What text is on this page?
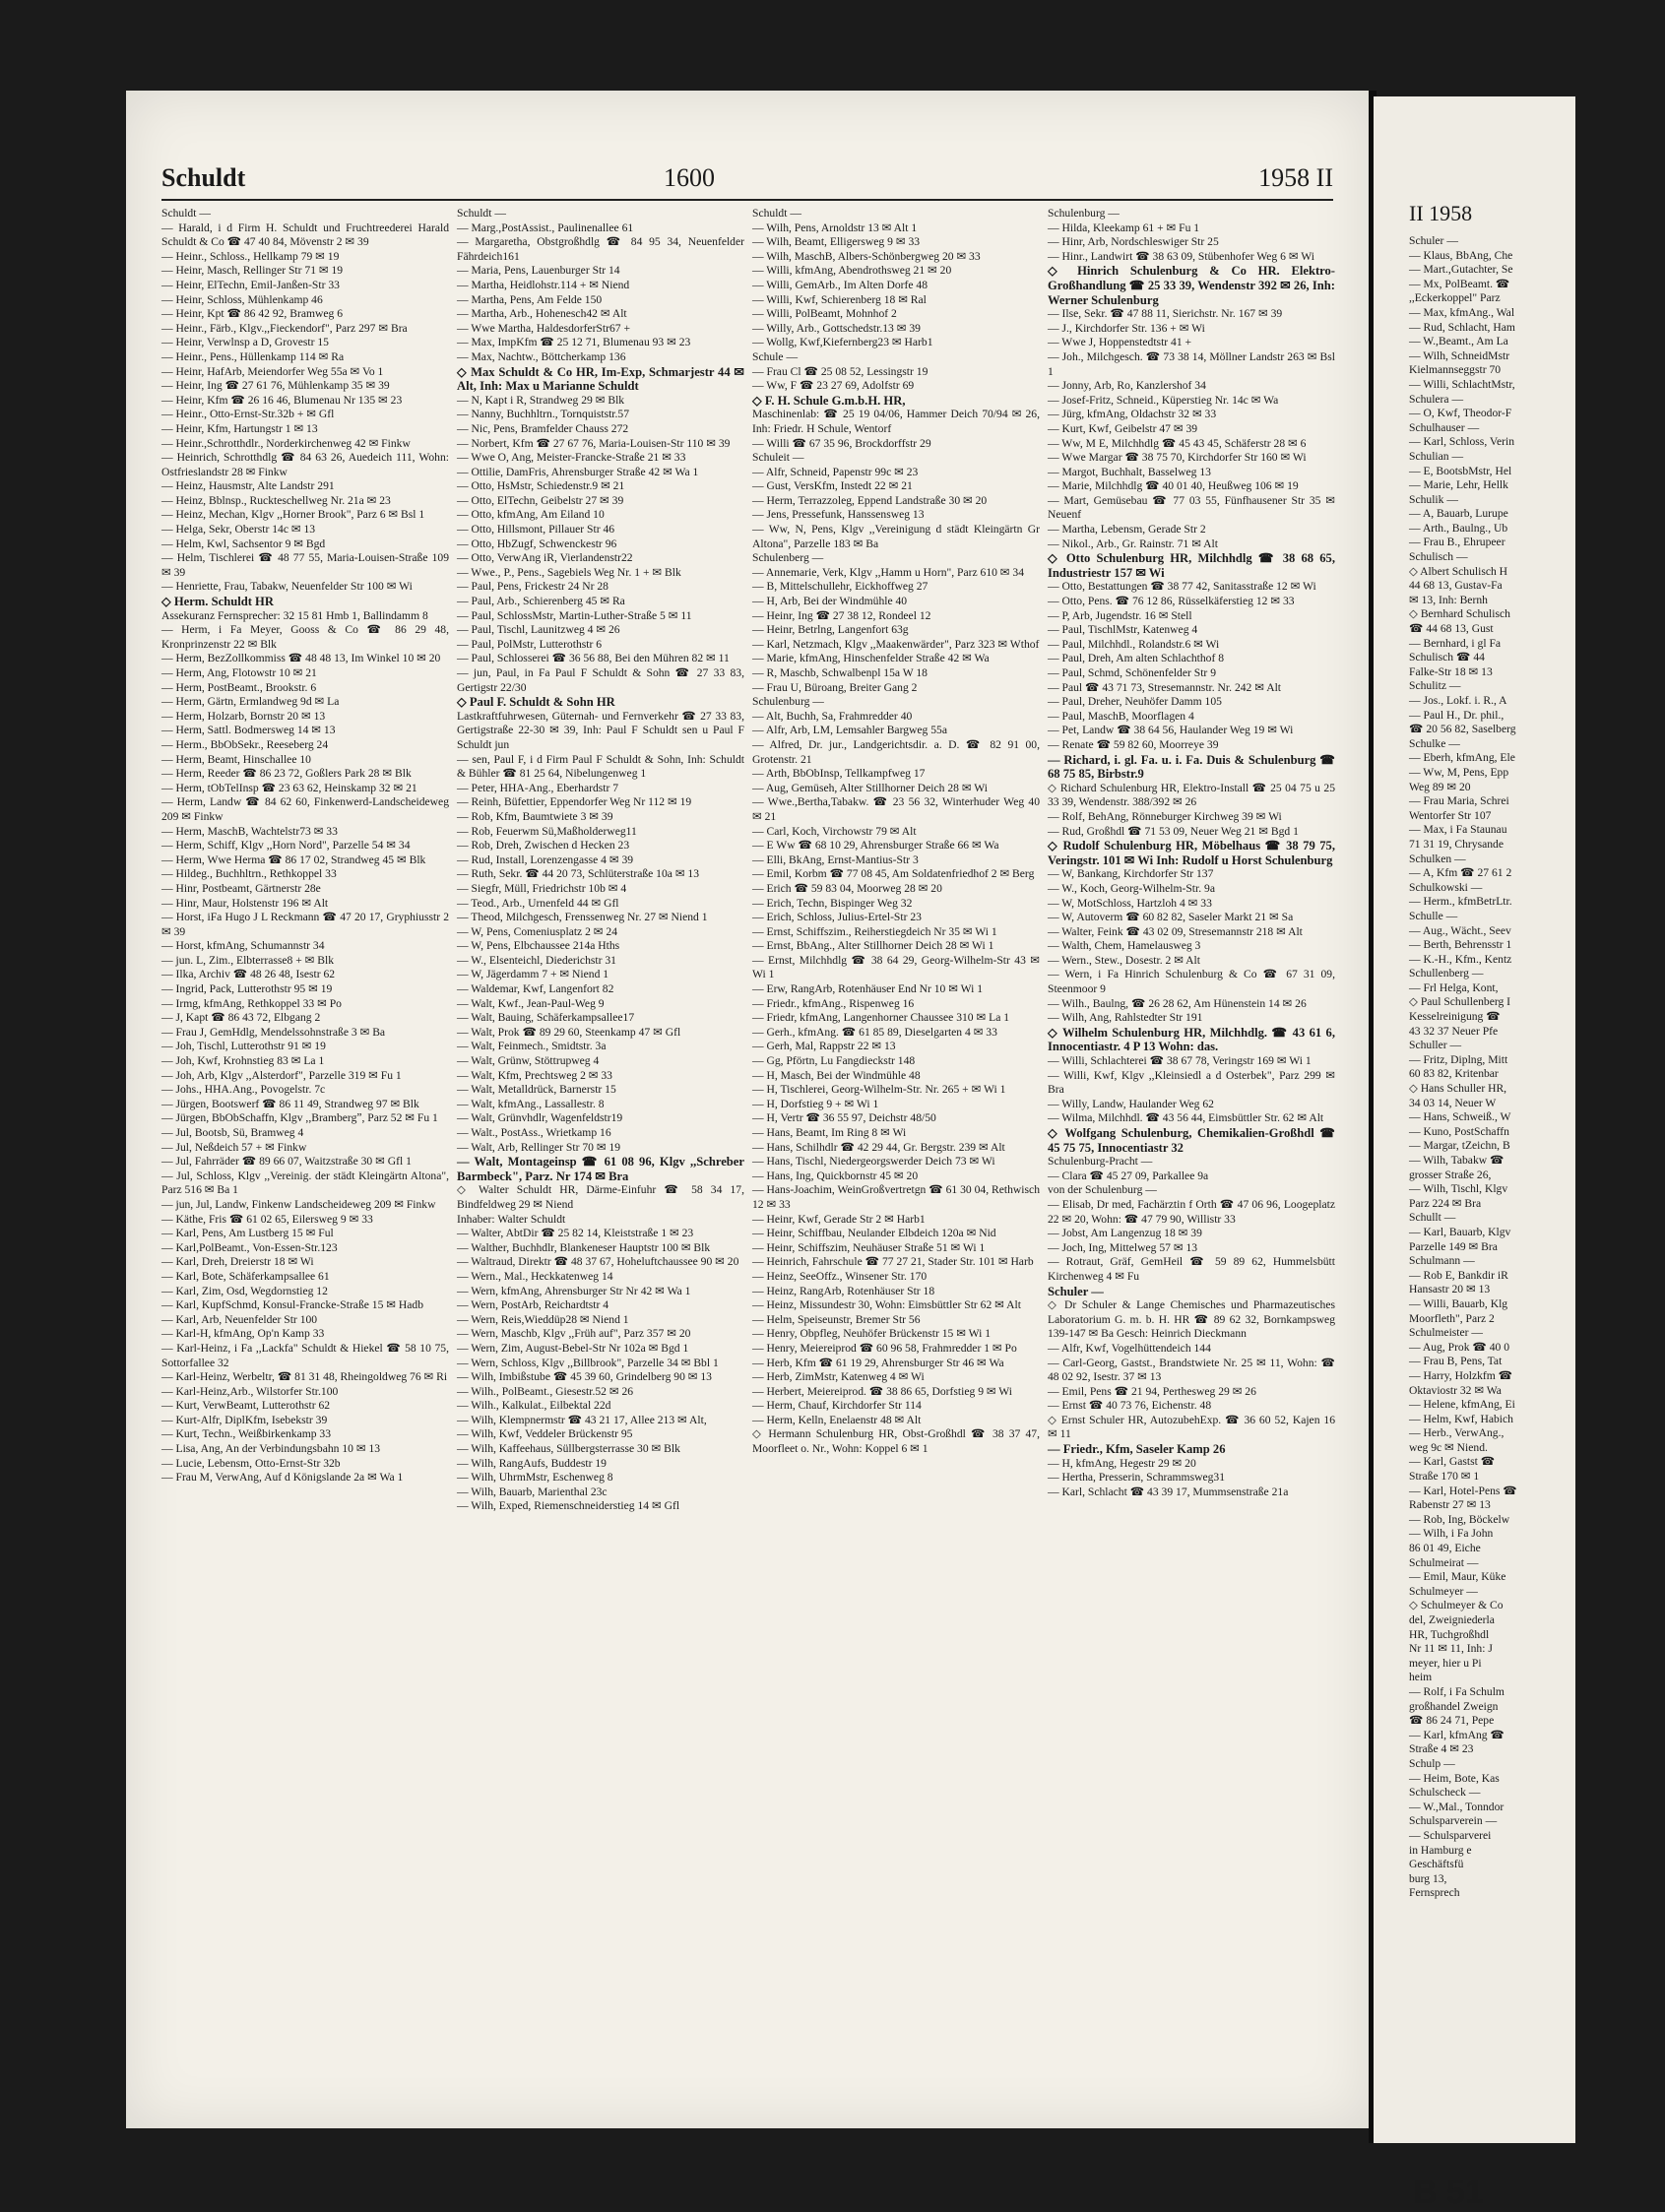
Schuldt	1600	1958 II
Schuldt —
— Harald, i d Firm H. Schuldt und Fruchtreederei Harald Schuldt & Co ☎ 47 40 84, Mövenstr 2 ✉ 39
— Heinr., Schloss., Hellkamp 79 ✉ 19
— Heinr, Masch, Rellinger Str 71 ✉ 19
— Heinr, ElTechn, Emil-Janßen-Str 33
— Heinr, Schloss, Mühlenkamp 46
— Heinr, Kpt ☎ 86 42 92, Bramweg 6
— Heinr., Färb., Klgv.,,Fieckendorf", Parz 297 ✉ Bra
— Heinr, Verwlnsp a D, Grovestr 15
— Heinr., Pens., Hüllenkamp 114 ✉ Ra
— Heinr, HafArb, Meiendorfer Weg 55a ✉ Vo 1
— Heinr, Ing ☎ 27 61 76, Mühlenkamp 35 ✉ 39
— Heinr, Kfm ☎ 26 16 46, Blumenau Nr 135 ✉ 23
— Heinr., Otto-Ernst-Str.32b + ✉ Gfl
— Heinr, Kfm, Hartungstr 1 ✉ 13
— Heinr.,Schrotthdlr., Norderkirchenweg 42 ✉ Finkw
— Heinrich, Schrotthdlg ☎ 84 63 26, Auedeich 111, Wohn: Ostfrieslandstr 28 ✉ Finkw
— Heinz, Hausmstr, Alte Landstr 291
— Heinz, Bblnsp., Ruckteschellweg Nr. 21a ✉ 23
— Heinz, Mechan, Klgv ,,Horner Brook", Parz 6 ✉ Bsl 1
— Helga, Sekr, Oberstr 14c ✉ 13
— Helm, Kwl, Sachsentor 9 ✉ Bgd
— Helm, Tischlerei ☎ 48 77 55, Maria-Louisen-Straße 109 ✉ 39
— Henriette, Frau, Tabakw, Neuenfelder Str 100 ✉ Wi
◇ Herm. Schuldt HR
Assekuranz Fernsprecher: 32 15 81 Hmb 1, Ballindamm 8
— Herm, i Fa Meyer, Gooss & Co ☎ 86 29 48, Kronprinzenstr 22 ✉ Blk
— Herm, BezZollkommiss ☎ 48 48 13, Im Winkel 10 ✉ 20
— Herm, Ang, Flotowstr 10 ✉ 21
— Herm, PostBeamt., Brookstr. 6
— Herm, Gärtn, Ermlandweg 9d ✉ La
— Herm, Holzarb, Bornstr 20 ✉ 13
— Herm, Sattl. Bodmersweg 14 ✉ 13
— Herm., BbObSekr., Reeseberg 24
— Herm, Beamt, Hinschallee 10
— Herm, Reeder ☎ 86 23 72, Goßlers Park 28 ✉ Blk
— Herm, tObTelInsp ☎ 23 63 62, Heinskamp 32 ✉ 21
— Herm, Landw ☎ 84 62 60, Finkenwerd-Landscheideweg 209 ✉ Finkw
— Herm, MaschB, Wachtelstr73 ✉ 33
— Herm, Schiff, Klgv ,,Horn Nord", Parzelle 54 ✉ 34
— Herm, Wwe Herma ☎ 86 17 02, Strandweg 45 ✉ Blk
— Hildeg., Buchhltrn., Rethkoppel 33
— Hinr, Postbeamt, Gärtnerstr 28e
— Hinr, Maur, Holstenstr 196 ✉ Alt
— Horst, iFa Hugo J L Reckmann ☎ 47 20 17, Gryphiusstr 2 ✉ 39
— Horst, kfmAng, Schumannstr 34
— jun. L, Zim., Elbterrasse8 + ✉ Blk
— Ilka, Archiv ☎ 48 26 48, Isestr 62
— Ingrid, Pack, Lutterothstr 95 ✉ 19
— Irmg, kfmAng, Rethkoppel 33 ✉ Po
— J, Kapt ☎ 86 43 72, Elbgang 2
— Frau J, GemHdlg, Mendelssohnstraße 3 ✉ Ba
— Joh, Tischl, Lutterothstr 91 ✉ 19
— Joh, Kwf, Krohnstieg 83 ✉ La 1
— Joh, Arb, Klgv ,,Alsterdorf", Parzelle 319 ✉ Fu 1
— Johs., HHA.Ang., Povogelstr. 7c
— Jürgen, Bootswerf ☎ 86 11 49, Strandweg 97 ✉ Blk
— Jürgen, BbObSchaffn, Klgv ,,Brambergˮ, Parz 52 ✉ Fu 1
— Jul, Bootsb, Sü, Bramweg 4
— Jul, Neßdeich 57 + ✉ Finkw
— Jul, Fahrräder ☎ 89 66 07, Waitzstraße 30 ✉ Gfl 1
— Jul, Schloss, Klgv ,,Vereinig. der städt Kleingärtn Altona", Parz 516 ✉ Ba 1
— jun, Jul, Landw, Finkenw Landscheideweg 209 ✉ Finkw
— Käthe, Fris ☎ 61 02 65, Eilersweg 9 ✉ 33
— Karl, Pens, Am Lustberg 15 ✉ Ful
— Karl,PolBeamt., Von-Essen-Str.123
— Karl, Dreh, Dreierstr 18 ✉ Wi
— Karl, Bote, Schäferkampsallee 61
— Karl, Zim, Osd, Wegdornstieg 12
— Karl, KupfSchmd, Konsul-Francke-Straße 15 ✉ Hadb
— Karl, Arb, Neuenfelder Str 100
— Karl-H, kfmAng, Op'n Kamp 33
— Karl-Heinz, i Fa ,,Lackfa" Schuldt & Hiekel ☎ 58 10 75, Sottorfallee 32
— Karl-Heinz, Werbeltr, ☎ 81 31 48, Rheingoldweg 76 ✉ Ri
— Karl-Heinz,Arb., Wilstorfer Str.100
— Kurt, VerwBeamt, Lutterothstr 62
— Kurt-Alfr, DiplKfm, Isebekstr 39
— Kurt, Techn., Weißbirkenkamp 33
— Lisa, Ang, An der Verbindungsbahn 10 ✉ 13
— Lucie, Lebensm, Otto-Ernst-Str 32b
— Frau M, VerwAng, Auf d Königslande 2a ✉ Wa 1
Schuldt —
— Marg.,PostAssist., Paulinenallee 61
— Margaretha, Obstgroßhdlg ☎ 84 95 34, Neuenfelder Fährdeich161
— Maria, Pens, Lauenburger Str 14
— Martha, Heidlohstr.114 + ✉ Niend
— Martha, Pens, Am Felde 150
— Martha, Arb., Hohenesch42 ✉ Alt
— Wwe Martha, HaldesdorferStr67 +
— Max, ImpKfm ☎ 25 12 71, Blumenau 93 ✉ 23
— Max, Nachtw., Böttcherkamp 136
◇ Max Schuldt & Co HR, Im-Exp, Schmarjestr 44 ✉ Alt, Inh: Max u Marianne Schuldt
— N, Kapt i R, Strandweg 29 ✉ Blk
— Nanny, Buchhltrn., Tornquiststr.57
— Nic, Pens, Bramfelder Chauss 272
— Norbert, Kfm ☎ 27 67 76, Maria-Louisen-Str 110 ✉ 39
— Wwe O, Ang, Meister-Francke-Straße 21 ✉ 33
— Ottilie, DamFris, Ahrensburger Straße 42 ✉ Wa 1
— Otto, HsMstr, Schiedenstr.9 ✉ 21
— Otto, ElTechn, Geibelstr 27 ✉ 39
— Otto, kfmAng, Am Eiland 10
— Otto, Hillsmont, Pillauer Str 46
— Otto, HbZugf, Schwenckestr 96
— Otto, VerwAng iR, Vierlandenstr22
— Wwe., P., Pens., Sagebiels Weg Nr. 1 + ✉ Blk
— Paul, Pens, Frickestr 24 Nr 28
— Paul, Arb., Schierenberg 45 ✉ Ra
— Paul, SchlossMstr, Martin-Luther-Straße 5 ✉ 11
— Paul, Tischl, Launitzweg 4 ✉ 26
— Paul, PolMstr, Lutterothstr 6
— Paul, Schlosserei ☎ 36 56 88, Bei den Mühren 82 ✉ 11
— jun, Paul, in Fa Paul F Schuldt & Sohn ☎ 27 33 83, Gertigstr 22/30
◇ Paul F. Schuldt & Sohn HR
Lastkraftfuhrwesen, Güternah- und Fernverkehr ☎ 27 33 83, Gertigstraße 22-30 ✉ 39, Inh: Paul F Schuldt sen u Paul F Schuldt jun
— sen, Paul F, i d Firm Paul F Schuldt & Sohn, Inh: Schuldt & Bühler ☎ 81 25 64, Nibelungenweg 1
— Peter, HHA-Ang., Eberhardstr 7
— Reinh, Büfettier, Eppendorfer Weg Nr 112 ✉ 19
— Rob, Kfm, Baumtwiete 3 ✉ 39
— Rob, Feuerwm Sü,Maßholderweg11
— Rob, Dreh, Zwischen d Hecken 23
— Rud, Install, Lorenzengasse 4 ✉ 39
— Ruth, Sekr. ☎ 44 20 73, Schlüterstraße 10a ✉ 13
— Siegfr, Müll, Friedrichstr 10b ✉ 4
— Teod., Arb., Urnenfeld 44 ✉ Gfl
— Theod, Milchgesch, Frenssenweg Nr. 27 ✉ Niend 1
— W, Pens, Comeniusplatz 2 ✉ 24
— W, Pens, Elbchaussee 214a Hths
— W., Elsenteichl, Diederichstr 31
— W, Jägerdamm 7 + ✉ Niend 1
— Waldemar, Kwf, Langenfort 82
— Walt, Kwf., Jean-Paul-Weg 9
— Walt, Bauing, Schäferkampsallee17
— Walt, Prok ☎ 89 29 60, Steenkamp 47 ✉ Gfl
— Walt, Feinmech., Smidtstr. 3a
— Walt, Grünw, Stöttrupweg 4
— Walt, Kfm, Prechtsweg 2 ✉ 33
— Walt, Metalldrück, Barnerstr 15
— Walt, kfmAng., Lassallestr. 8
— Walt, Grünvhdlr, Wagenfeldstr19
— Walt., PostAss., Wrietkamp 16
— Walt, Arb, Rellinger Str 70 ✉ 19
— Walt, Montageinsp ☎ 61 08 96, Klgv ,,Schreber Barmbeck", Parz. Nr 174 ✉ Bra
◇ Walter Schuldt HR, Därme-Einfuhr ☎ 58 34 17, Bindfeldweg 29 ✉ Niend
Inhaber: Walter Schuldt
— Walter, AbtDir ☎ 25 82 14, Kleiststraße 1 ✉ 23
— Walther, Buchhdlr, Blankeneser Hauptstr 100 ✉ Blk
— Waltraud, Direktr ☎ 48 37 67, Hoheluftchaussee 90 ✉ 20
— Wern., Mal., Heckkatenweg 14
— Wern, kfmAng, Ahrensburger Str Nr 42 ✉ Wa 1
— Wern, PostArb, Reichardtstr 4
— Wern, Reis,Wieddüp28 ✉ Niend 1
— Wern, Maschb, Klgv ,,Früh auf", Parz 357 ✉ 20
— Wern, Zim, August-Bebel-Str Nr 102a ✉ Bgd 1
— Wern, Schloss, Klgv ,,Billbrook", Parzelle 34 ✉ Bbl 1
— Wilh, Imbißstube ☎ 45 39 60, Grindelberg 90 ✉ 13
— Wilh., PolBeamt., Giesestr.52 ✉ 26
— Wilh., Kalkulat., Eilbektal 22d
— Wilh, Klempnermstr ☎ 43 21 17, Allee 213 ✉ Alt,
— Wilh, Kwf, Veddeler Brückenstr 95
— Wilh, Kaffeehaus, Süllbergsterrasse 30 ✉ Blk
— Wilh, RangAufs, Buddestr 19
— Wilh, UhrmMstr, Eschenweg 8
— Wilh, Bauarb, Marienthal 23c
— Wilh, Exped, Riemenschneiderstieg 14 ✉ Gfl
Schuldt —
— Wilh, Pens, Arnoldstr 13 ✉ Alt 1
— Wilh, Beamt, Elligersweg 9 ✉ 33
— Wilh, MaschB, Albers-Schönbergweg 20 ✉ 33
— Willi, kfmAng, Abendrothsweg 21 ✉ 20
— Willi, GemArb., Im Alten Dorfe 48
— Willi, Kwf, Schierenberg 18 ✉ Ral
— Willi, PolBeamt, Mohnhof 2
— Willy, Arb., Gottschedstr.13 ✉ 39
— Wollg, Kwf,Kiefernberg23 ✉ Harb1
Schule —
— Frau Cl ☎ 25 08 52, Lessingstr 19
— Ww, F ☎ 23 27 69, Adolfstr 69
◇ F. H. Schule G.m.b.H. HR,
Maschinenlab: ☎ 25 19 04/06, Hammer Deich 70/94 ✉ 26, Inh: Friedr. H Schule, Wentorf
— Willi ☎ 67 35 96, Brockdorffstr 29
Schuleit —
— Alfr, Schneid, Papenstr 99c ✉ 23
— Gust, VersKfm, Instedt 22 ✉ 21
— Herm, Terrazzoleg, Eppend Landstraße 30 ✉ 20
— Jens, Pressefunk, Hanssensweg 13
— Ww, N, Pens, Klgv ,,Vereinigung d städt Kleingärtn Gr Altona", Parzelle 183 ✉ Ba
Schulenberg —
— Annemarie, Verk, Klgv ,,Hamm u Horn", Parz 610 ✉ 34
— B, Mittelschullehr, Eickhoffweg 27
— H, Arb, Bei der Windmühle 40
— Heinr, Ing ☎ 27 38 12, Rondeel 12
— Heinr, Betrlng, Langenfort 63g
— Karl, Netzmach, Klgv ,,Maakenwärder", Parz 323 ✉ Wthof
— Marie, kfmAng, Hinschenfelder Straße 42 ✉ Wa
— R, Maschb, Schwalbenpl 15a W 18
— Frau U, Büroang, Breiter Gang 2
Schulenburg —
— Alt, Buchh, Sa, Frahmredder 40
— Alfr, Arb, LM, Lemsahler Bargweg 55a
— Alfred, Dr. jur., Landgerichtsdir. a. D. ☎ 82 91 00, Grotenstr. 21
— Arth, BbObInsp, Tellkampfweg 17
— Aug, Gemüseh, Alter Stillhorner Deich 28 ✉ Wi
— Wwe.,Bertha,Tabakw. ☎ 23 56 32, Winterhuder Weg 40 ✉ 21
— Carl, Koch, Virchowstr 79 ✉ Alt
— E Ww ☎ 68 10 29, Ahrensburger Straße 66 ✉ Wa
— Elli, BkAng, Ernst-Mantius-Str 3
— Emil, Korbm ☎ 77 08 45, Am Soldatenfriedhof 2 ✉ Berg
— Erich ☎ 59 83 04, Moorweg 28 ✉ 20
— Erich, Techn, Bispinger Weg 32
— Erich, Schloss, Julius-Ertel-Str 23
— Ernst, Schiffszim., Reiherstiegdeich Nr 35 ✉ Wi 1
— Ernst, BbAng., Alter Stillhorner Deich 28 ✉ Wi 1
— Ernst, Milchhdlg ☎ 38 64 29, Georg-Wilhelm-Str 43 ✉ Wi 1
— Erw, RangArb, Rotenhäuser End Nr 10 ✉ Wi 1
— Friedr., kfmAng., Rispenweg 16
— Friedr, kfmAng, Langenhorner Chaussee 310 ✉ La 1
— Gerh., kfmAng. ☎ 61 85 89, Dieselgarten 4 ✉ 33
— Gerh, Mal, Rappstr 22 ✉ 13
— Gg, Pförtn, Lu Fangdieckstr 148
— H, Masch, Bei der Windmühle 48
— H, Tischlerei, Georg-Wilhelm-Str. Nr. 265 + ✉ Wi 1
— H, Dorfstieg 9 + ✉ Wi 1
— H, Vertr ☎ 36 55 97, Deichstr 48/50
— Hans, Beamt, Im Ring 8 ✉ Wi
— Hans, Schilhdlr ☎ 42 29 44, Gr. Bergstr. 239 ✉ Alt
— Hans, Tischl, Niedergeorgswerder Deich 73 ✉ Wi
— Hans, Ing, Quickbornstr 45 ✉ 20
— Hans-Joachim, WeinGroßvertretgn ☎ 61 30 04, Rethwisch 12 ✉ 33
— Heinr, Kwf, Gerade Str 2 ✉ Harb1
— Heinr, Schiffbau, Neulander Elbdeich 120a ✉ Nid
— Heinr, Schiffszim, Neuhäuser Straße 51 ✉ Wi 1
— Heinrich, Fahrschule ☎ 77 27 21, Stader Str. 101 ✉ Harb
— Heinz, SeeOffz., Winsener Str. 170
— Heinz, RangArb, Rotenhäuser Str 18
— Heinz, Missundestr 30, Wohn: Eimsbüttler Str 62 ✉ Alt
— Helm, Speiseunstr, Bremer Str 56
— Henry, Obpfleg, Neuhöfer Brückenstr 15 ✉ Wi 1
— Henry, Meiereiprod ☎ 60 96 58, Frahmredder 1 ✉ Po
— Herb, Kfm ☎ 61 19 29, Ahrensburger Str 46 ✉ Wa
— Herb, ZimMstr, Katenweg 4 ✉ Wi
— Herbert, Meiereiprod. ☎ 38 86 65, Dorfstieg 9 ✉ Wi
— Herm, Chauf, Kirchdorfer Str 114
— Herm, Kelln, Enelaenstr 48 ✉ Alt
◇ Hermann Schulenburg HR, Obst-Großhdl ☎ 38 37 47, Moorfleet o. Nr., Wohn: Koppel 6 ✉ 1
Schulenburg —
— Hilda, Kleekamp 61 + ✉ Fu 1
— Hinr, Arb, Nordschleswiger Str 25
— Hinr., Landwirt ☎ 38 63 09, Stübenhofer Weg 6 ✉ Wi
◇ Hinrich Schulenburg & Co HR. Elektro-Großhandlung ☎ 25 33 39, Wendenstr 392 ✉ 26, Inh: Werner Schulenburg
— Ilse, Sekr. ☎ 47 88 11, Sierichstr. Nr. 167 ✉ 39
— J., Kirchdorfer Str. 136 + ✉ Wi
— Wwe J, Hoppenstedtstr 41 +
— Joh., Milchgesch. ☎ 73 38 14, Möllner Landstr 263 ✉ Bsl 1
— Jonny, Arb, Ro, Kanzlershof 34
— Josef-Fritz, Schneid., Küperstieg Nr. 14c ✉ Wa
— Jürg, kfmAng, Oldachstr 32 ✉ 33
— Kurt, Kwf, Geibelstr 47 ✉ 39
— Ww, M E, Milchhdlg ☎ 45 43 45, Schäferstr 28 ✉ 6
— Wwe Margar ☎ 38 75 70, Kirchdorfer Str 160 ✉ Wi
— Margot, Buchhalt, Basselweg 13
— Marie, Milchhdlg ☎ 40 01 40, Heußweg 106 ✉ 19
— Mart, Gemüsebau ☎ 77 03 55, Fünfhausener Str 35 ✉ Neuenf
— Martha, Lebensm, Gerade Str 2
— Nikol., Arb., Gr. Rainstr. 71 ✉ Alt
◇ Otto Schulenburg HR, Milchhdlg ☎ 38 68 65, Industriestr 157 ✉ Wi
— Otto, Bestattungen ☎ 38 77 42, Sanitasstraße 12 ✉ Wi
— Otto, Pens. ☎ 76 12 86, Rüsselkäferstieg 12 ✉ 33
— P, Arb, Jugendstr. 16 ✉ Stell
— Paul, TischlMstr, Katenweg 4
— Paul, Milchhdl., Rolandstr.6 ✉ Wi
— Paul, Dreh, Am alten Schlachthof 8
— Paul, Schmd, Schönenfelder Str 9
— Paul ☎ 43 71 73, Stresemannstr. Nr. 242 ✉ Alt
— Paul, Dreher, Neuhöfer Damm 105
— Paul, MaschB, Moorflagen 4
— Pet, Landw ☎ 38 64 56, Haulander Weg 19 ✉ Wi
— Renate ☎ 59 82 60, Moorreye 39
— Richard, i. gl. Fa. u. i. Fa. Duis & Schulenburg ☎ 68 75 85, Birbstr.9
◇ Richard Schulenburg HR, Elektro-Install ☎ 25 04 75 u 25 33 39, Wendenstr. 388/392 ✉ 26
— Rolf, BehAng, Rönneburger Kirchweg 39 ✉ Wi
— Rud, Großhdl ☎ 71 53 09, Neuer Weg 21 ✉ Bgd 1
◇ Rudolf Schulenburg HR, Möbelhaus ☎ 38 79 75, Veringstr. 101 ✉ Wi Inh: Rudolf u Horst Schulenburg
— W, Bankang, Kirchdorfer Str 137
— W., Koch, Georg-Wilhelm-Str. 9a
— W, MotSchloss, Hartzloh 4 ✉ 33
— W, Autoverm ☎ 60 82 82, Saseler Markt 21 ✉ Sa
— Walter, Feink ☎ 43 02 09, Stresemannstr 218 ✉ Alt
— Walth, Chem, Hamelausweg 3
— Wern., Stew., Dosestr. 2 ✉ Alt
— Wern, i Fa Hinrich Schulenburg & Co ☎ 67 31 09, Steenmoor 9
— Wilh., Baulng, ☎ 26 28 62, Am Hünenstein 14 ✉ 26
— Wilh, Ang, Rahlstedter Str 191
◇ Wilhelm Schulenburg HR, Milchhdlg. ☎ 43 61 6, Innocentiastr. 4 P 13 Wohn: das.
— Willi, Schlachterei ☎ 38 67 78, Veringstr 169 ✉ Wi 1
— Willi, Kwf, Klgv ,,Kleinsiedl a d Osterbek", Parz 299 ✉ Bra
— Willy, Landw, Haulander Weg 62
— Wilma, Milchhdl. ☎ 43 56 44, Eimsbüttler Str. 62 ✉ Alt
◇ Wolfgang Schulenburg, Chemikalien-Großhdl ☎ 45 75 75, Innocentiastr 32
Schulenburg-Pracht —
— Clara ☎ 45 27 09, Parkallee 9a
von der Schulenburg —
— Elisab, Dr med, Fachärztin f Orth ☎ 47 06 96, Loogeplatz 22 ✉ 20, Wohn: ☎ 47 79 90, Willistr 33
— Jobst, Am Langenzug 18 ✉ 39
— Joch, Ing, Mittelweg 57 ✉ 13
— Rotraut, Gräf, GemHeil ☎ 59 89 62, Hummelsbütt Kirchenweg 4 ✉ Fu
Schuler —
◇ Dr Schuler & Lange Chemisches und Pharmazeutisches Laboratorium G. m. b. H. HR ☎ 89 62 32, Bornkampsweg 139-147 ✉ Ba Gesch: Heinrich Dieckmann
— Alfr, Kwf, Vogelhüttendeich 144
— Carl-Georg, Gastst., Brandstwiete Nr. 25 ✉ 11, Wohn: ☎ 48 02 92, Isestr. 37 ✉ 13
— Emil, Pens ☎ 21 94, Perthesweg 29 ✉ 26
— Ernst ☎ 40 73 76, Eichenstr. 48
◇ Ernst Schuler HR, AutozubehExp. ☎ 36 60 52, Kajen 16 ✉ 11
— Friedr., Kfm, Saseler Kamp 26
— H, kfmAng, Hegestr 29 ✉ 20
— Hertha, Presserin, Schrammsweg31
— Karl, Schlacht ☎ 43 39 17, Mummsenstraße 21a
II 1958
Schuler —
— Klaus, BbAng, Che
— Mart.,Gutachter, Se
— Mx, PolBeamt. ☎
,,Eckerkoppel" Parz
— Max, kfmAng., Wal
— Rud, Schlacht, Ham
— W.,Beamt., Am La
— Wilh, SchneidMstr
Kielmannseggstr 70
— Willi, SchlachtMstr,
Schulera —
— O, Kwf, Theodor-F
Schulhauser —
— Karl, Schloss, Verin
Schulian —
— E, BootsbMstr, Hel
— Marie, Lehr, Hellk
Schulik —
— A, Bauarb, Lurupe
— Arth., Baulng., Ub
— Frau B., Ehrupeer
Schulisch —
◇ Albert Schulisch H
44 68 13, Gustav-Fa
✉ 13, Inh: Bernh
◇ Bernhard Schulisch
☎ 44 68 13, Gust
— Bernhard, i gl Fa
Schulisch ☎ 44
Falke-Str 18 ✉ 13
Schulitz —
— Jos., Lokf. i. R., A
— Paul H., Dr. phil.,
☎ 20 56 82, Saselberg
Schulke —
— Eberh, kfmAng, Ele
— Ww, M, Pens, Epp
Weg 89 ✉ 20
— Frau Maria, Schrei
Wentorfer Str 107
— Max, i Fa Staunau
71 31 19, Chrysande
Schulken —
— A, Kfm ☎ 27 61 2
Schulkowski —
— Herm., kfmBetrLtr.
Schulle —
— Aug., Wächt., Seev
— Berth, Behrensstr 1
— K.-H., Kfm., Kentz
Schullenberg —
— Frl Helga, Kont,
◇ Paul Schullenberg I
Kesselreinigung ☎
43 32 37 Neuer Pfe
Schuller —
— Fritz, Diplng, Mitt
60 83 82, Kritenbar
◇ Hans Schuller HR,
34 03 14, Neuer W
— Hans, Schweiß., W
— Kuno, PostSchaffn
— Margar, tZeichn, B
— Wilh, Tabakw ☎
grosser Straße 26,
— Wilh, Tischl, Klgv
Parz 224 ✉ Bra
Schullt —
— Karl, Bauarb, Klgv
Parzelle 149 ✉ Bra
Schulmann —
— Rob E, Bankdir iR
Hansastr 20 ✉ 13
— Willi, Bauarb, Klg
Moorfleth", Parz 2
Schulmeister —
— Aug, Prok ☎ 40 0
— Frau B, Pens, Tat
— Harry, Holzkfm ☎
Oktaviostr 32 ✉ Wa
— Helene, kfmAng, Ei
— Helm, Kwf, Habich
— Herb., VerwAng.,
weg 9c ✉ Niend.
— Karl, Gastst ☎
Straße 170 ✉ 1
— Karl, Hotel-Pens ☎
Rabenstr 27 ✉ 13
— Rob, Ing, Böckelw
— Wilh, i Fa John
86 01 49, Eiche
Schulmeirat —
— Emil, Maur, Küke
Schulmeyer —
◇ Schulmeyer & Co
del, Zweigniederla
HR, Tuchgroßhdl
Nr 11 ✉ 11, Inh: J
meyer, hier u Pi
heim
— Rolf, i Fa Schulm
großhandel Zweign
☎ 86 24 71, Pepe
— Karl, kfmAng ☎
Straße 4 ✉ 23
Schulp —
— Heim, Bote, Kas
Schulscheck —
— W.,Mal., Tonndor
Schulsparverein —
— Schulsparverei
in Hamburg e
Geschäftsfü
burg 13,
Fernsprech
B 51
